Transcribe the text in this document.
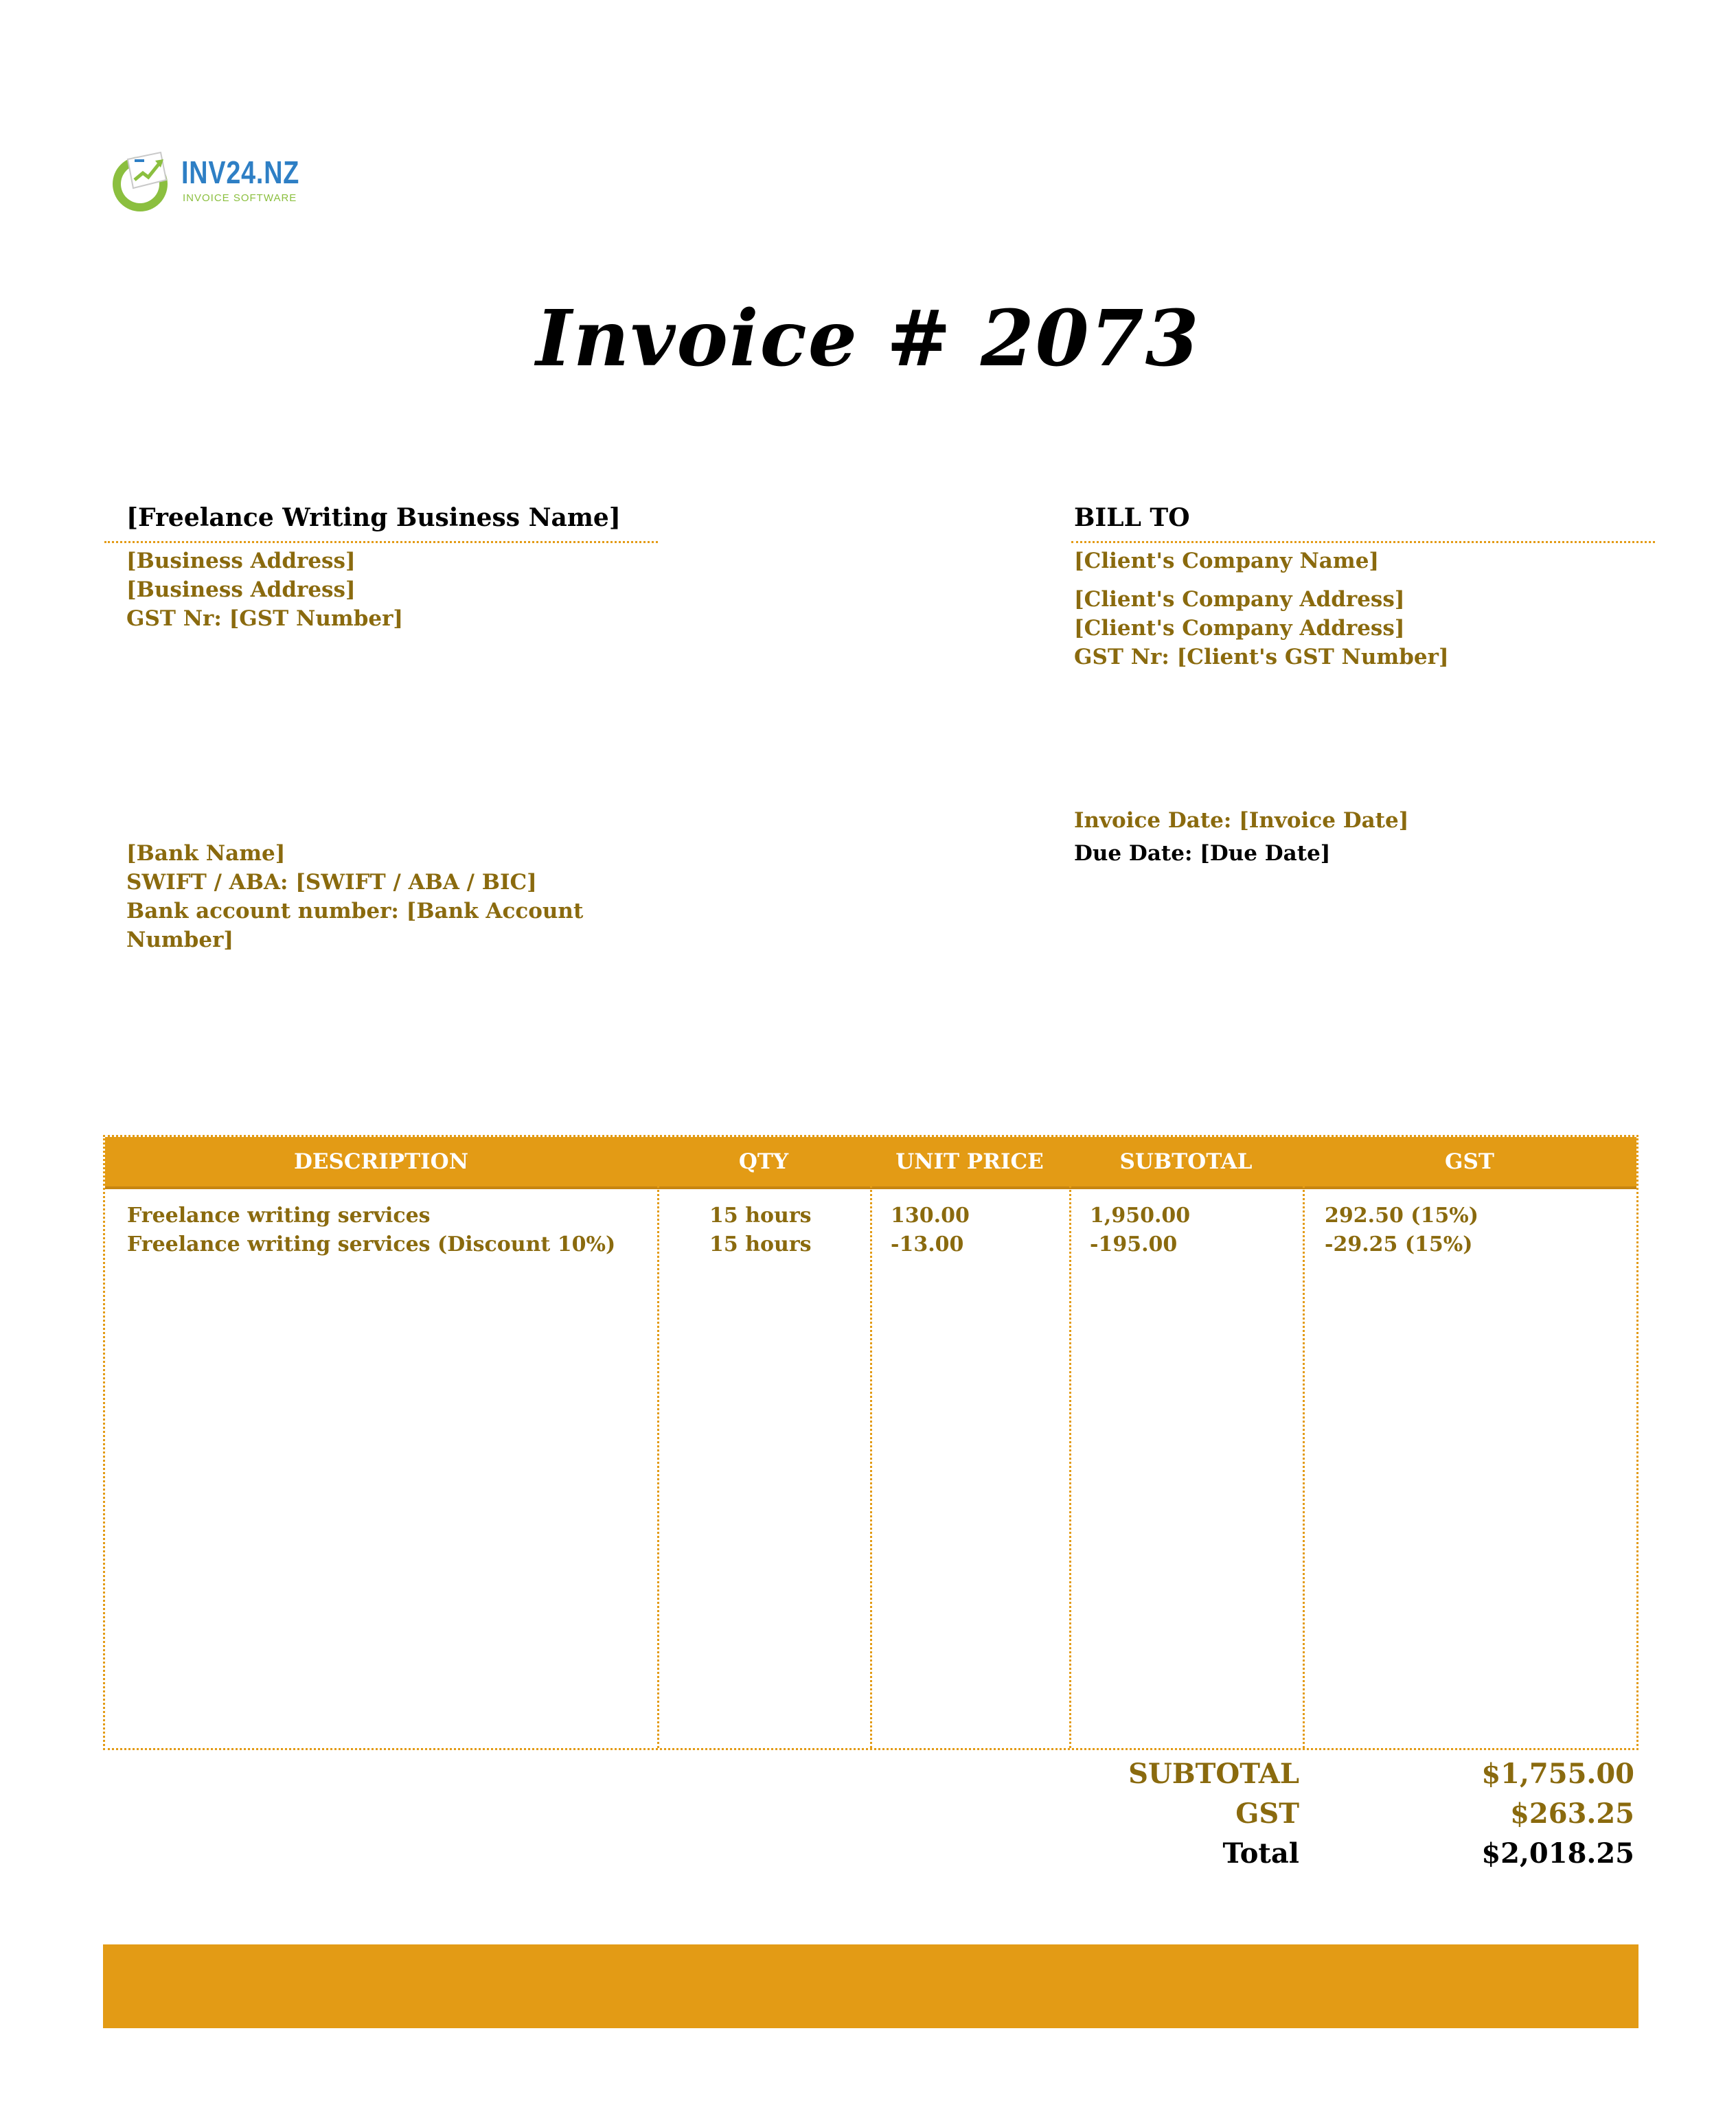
INV24.NZ
INVOICE SOFTWARE
Invoice # 2073
[Freelance Writing Business Name]
[Business Address]
[Business Address]
GST Nr: [GST Number]
BILL TO
[Client's Company Name]
[Client's Company Address]
[Client's Company Address]
GST Nr: [Client's GST Number]
[Bank Name]
SWIFT / ABA: [SWIFT / ABA / BIC]
Bank account number: [Bank Account
Number]
Invoice Date: [Invoice Date]
Due Date: [Due Date]
DESCRIPTION	QTY	UNIT PRICE	SUBTOTAL	GST
Freelance writing services	15 hours	130.00	1,950.00	292.50 (15%)
Freelance writing services (Discount 10%)	15 hours	-13.00	-195.00	-29.25 (15%)
SUBTOTAL	$1,755.00
GST	$263.25
Total	$2,018.25
